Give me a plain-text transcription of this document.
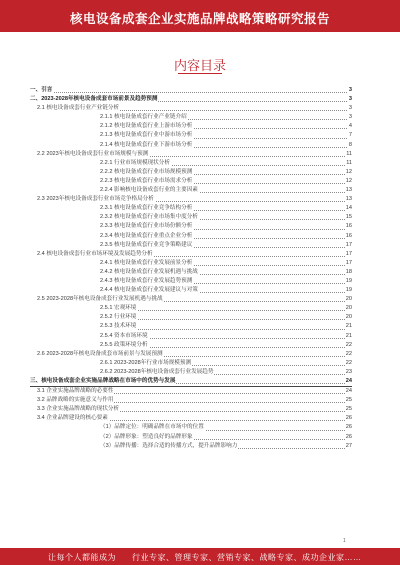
核电设备成套企业实施品牌战略策略研究报告
内容目录
一、引言	3
二、2023-2028年核电设备成套市场前景及趋势预测	3
2.1 核电设备成套行业产业链分析	3
2.1.1 核电设备成套行业产业链介绍	3
2.1.2 核电设备成套行业上游市场分析	4
2.1.3 核电设备成套行业中游市场分析	7
2.1.4 核电设备成套行业下游市场分析	8
2.2 2023年核电设备成套行业市场规模与预测	11
2.2.1 行业市场规模现状分析	11
2.2.2 核电设备成套行业市场规模预测	12
2.2.3 核电设备成套行业市场需求分析	12
2.2.4 影响核电设备成套行业的主要因素	13
2.3 2023年核电设备成套行业市场竞争格局分析	13
2.3.1 核电设备成套行业竞争结构分析	14
2.3.2 核电设备成套行业市场集中度分析	15
2.3.3 核电设备成套行业市场份额分析	16
2.3.4 核电设备成套行业重点企业分析	16
2.3.5 核电设备成套行业竞争策略建议	17
2.4 核电设备成套行业市场环境及发展趋势分析	17
2.4.1 核电设备成套行业发展前景分析	17
2.4.2 核电设备成套行业发展机遇与挑战	18
2.4.3 核电设备成套行业发展趋势预测	19
2.4.4 核电设备成套行业发展建议与对策	19
2.5 2023-2028年核电设备成套行业发展机遇与挑战	20
2.5.1 宏观环境	20
2.5.2 行业环境	20
2.5.3 技术环境	21
2.5.4 资本市场环境	21
2.5.5 政策环境分析	22
2.6 2023-2028年核电设备成套市场前景与发展预测	22
2.6.1 2023-2028年行业市场规模预测	22
2.6.2 2023-2028年核电设备成套行业发展趋势	23
三、核电设备成套企业实施品牌战略在市场中的优势与发展	24
3.1 企业实施品牌战略的必要性	24
3.2 品牌战略的实施意义与作用	25
3.3 企业实施品牌战略的现状分析	25
3.4 企业品牌建设的核心要素	26
（1）品牌定位：明确品牌在市场中的位置	26
（2）品牌形象：塑造良好的品牌形象	26
（3）品牌传播：选择合适的传播方式，提升品牌影响力	27
1
让每个人都能成为 行业专家、管理专家、营销专家、战略专家、成功企业家……
